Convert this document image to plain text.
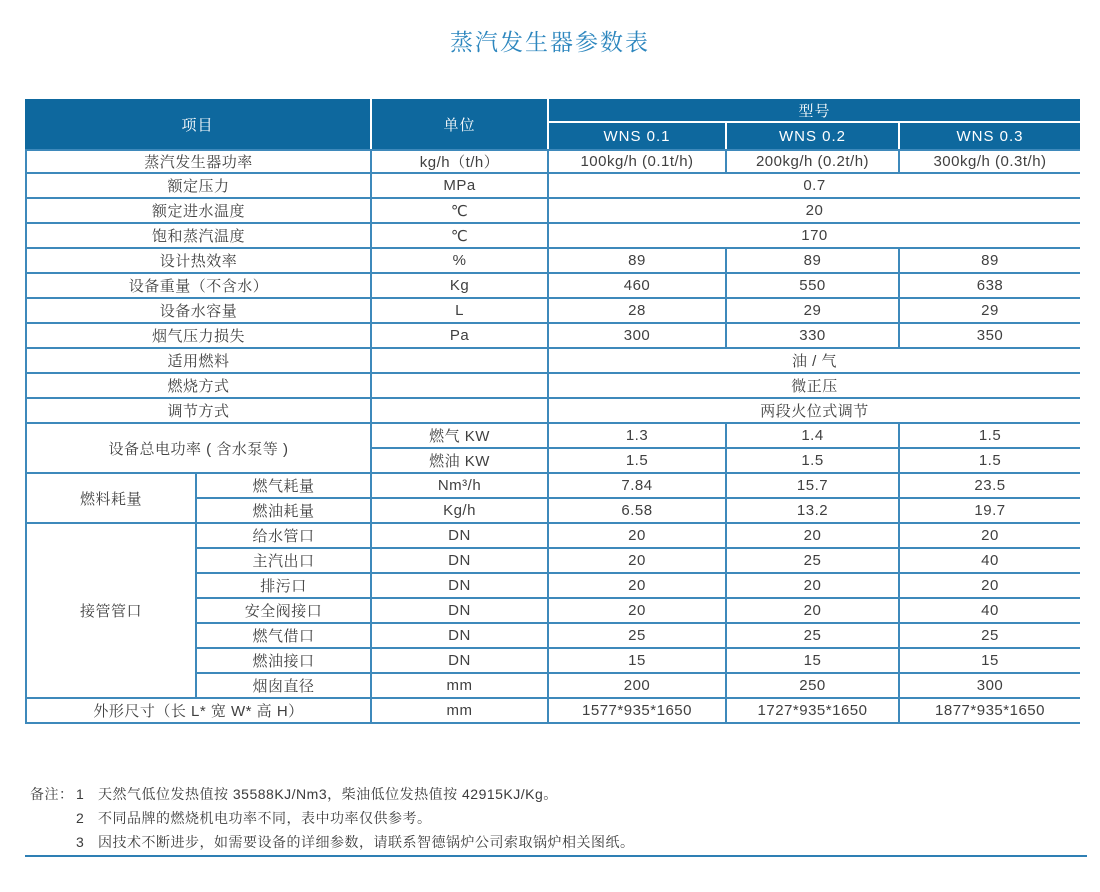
蒸汽发生器参数表
项目		单位	型号		
			WNS 0.1	WNS 0.2	WNS 0.3
蒸汽发生器功率		kg/h（t/h）	100kg/h (0.1t/h)	200kg/h (0.2t/h)	300kg/h (0.3t/h)
额定压力		MPa	0.7		
额定进水温度		℃	20		
饱和蒸汽温度		℃	170		
设计热效率		%	89	89	89
设备重量（不含水）		Kg	460	550	638
设备水容量		L	28	29	29
烟气压力损失		Pa	300	330	350
适用燃料			油 / 气		
燃烧方式			微正压		
调节方式			两段火位式调节		
设备总电功率 ( 含水泵等 )		燃气 KW	1.3	1.4	1.5
		燃油 KW	1.5	1.5	1.5
燃料耗量	燃气耗量	Nm³/h	7.84	15.7	23.5
	燃油耗量	Kg/h	6.58	13.2	19.7
接管管口	给水管口	DN	20	20	20
	主汽出口	DN	20	25	40
	排污口	DN	20	20	20
	安全阀接口	DN	20	20	40
	燃气借口	DN	25	25	25
	燃油接口	DN	15	15	15
	烟囱直径	mm	200	250	300
外形尺寸（长 L* 宽 W* 高 H）		mm	1577*935*1650	1727*935*1650	1877*935*1650
备注： 1 天然气低位发热值按 35588KJ/Nm3，柴油低位发热值按 42915KJ/Kg。
2 不同品牌的燃烧机电功率不同，表中功率仅供参考。
3 因技术不断进步，如需要设备的详细参数，请联系智德锅炉公司索取锅炉相关图纸。
